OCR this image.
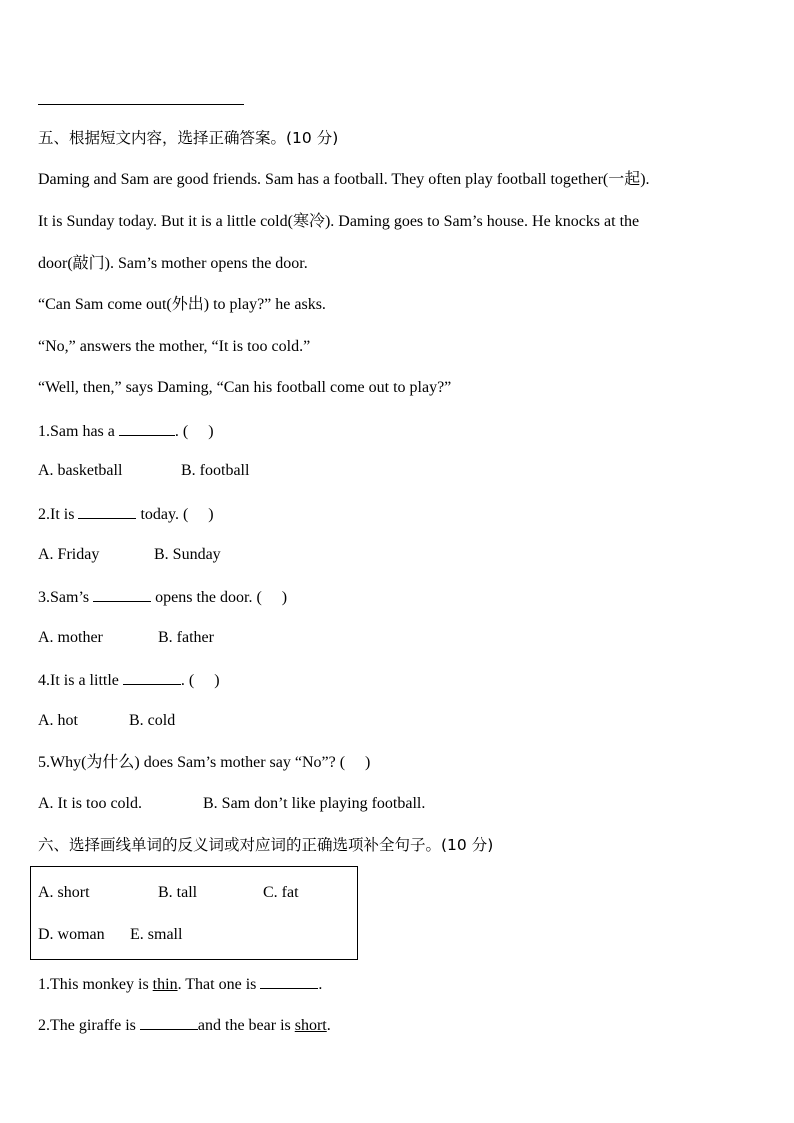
五、根据短文内容，选择正确答案。(10 分)
Daming and Sam are good friends. Sam has a football. They often play football together(一起).
It is Sunday today. But it is a little cold(寒冷). Daming goes to Sam’s house. He knocks at the
door(敲门). Sam’s mother opens the door.
“Can Sam come out(外出) to play?” he asks.
“No,” answers the mother, “It is too cold.”
“Well, then,” says Daming, “Can his football come out to play?”
1.Sam has a	. ( )
A. basketball	B. football
2.It is	today. ( )
A. Friday	B. Sunday
3.Sam’s	opens the door. ( )
A. mother	B. father
4.It is a little	. ( )
A. hot	B. cold
5.Why(为什么) does Sam’s mother say “No”? ( )
A. It is too cold.	B. Sam don’t like playing football.
六、选择画线单词的反义词或对应词的正确选项补全句子。(10 分)
A. short	B. tall	C. fat
D. woman E. small
1.This monkey is thin. That one is	.
2.The giraffe is	and the bear is short.
